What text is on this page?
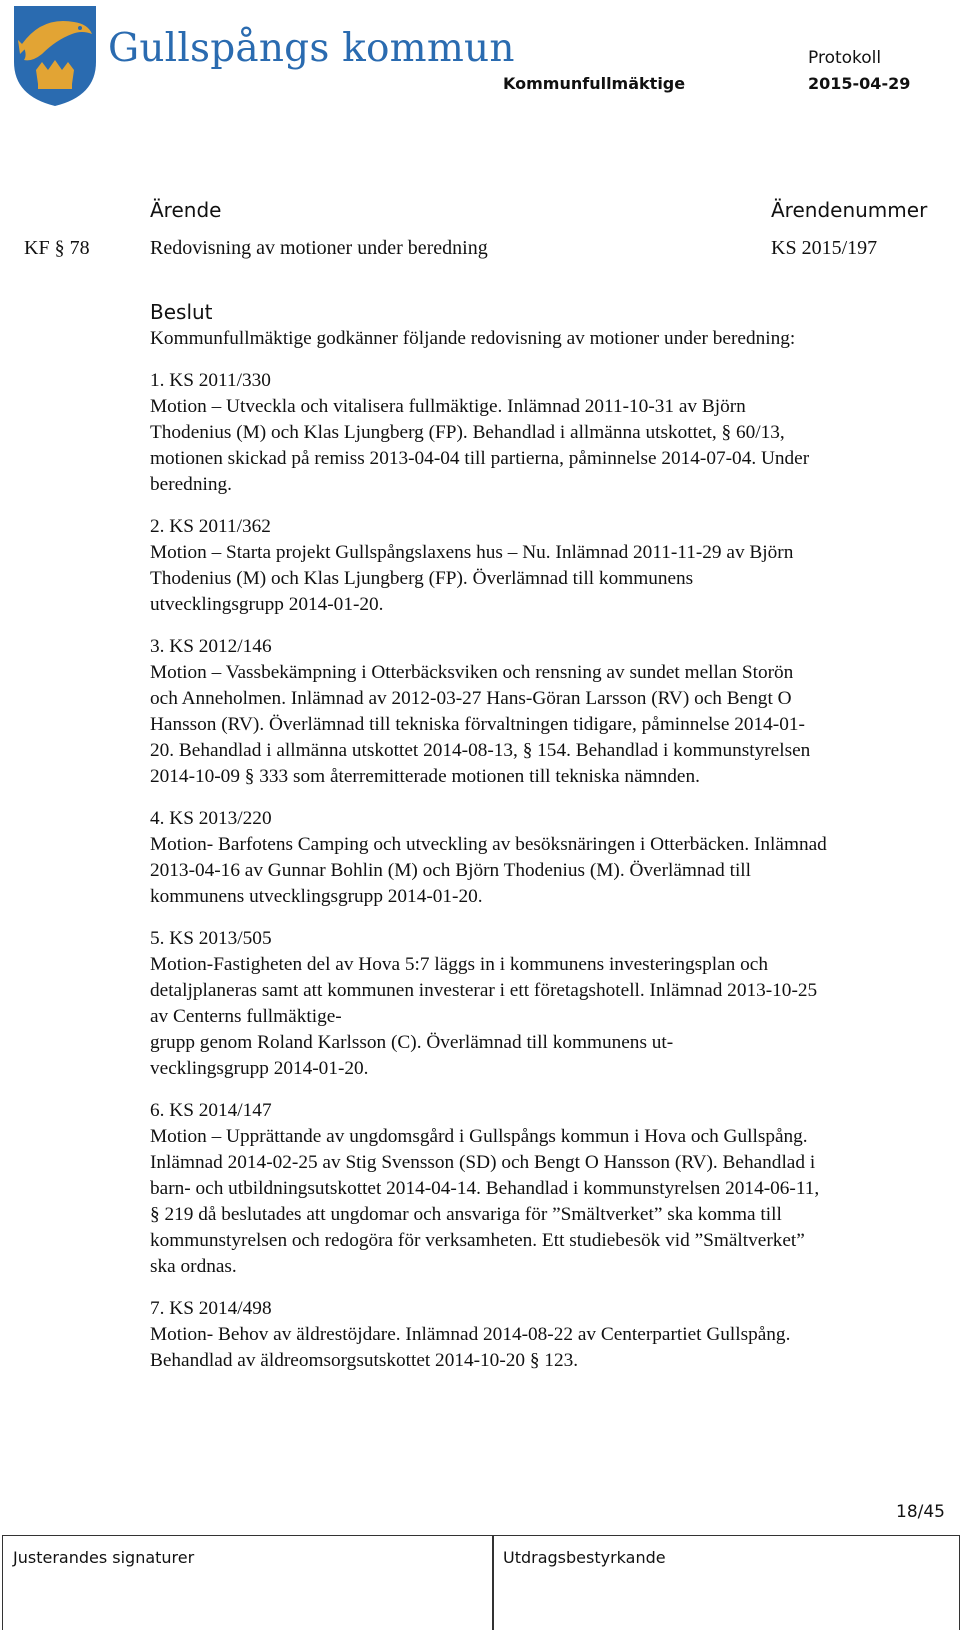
Gullspångs kommun	Protokoll
Kommunfullmäktige	2015-04-29
Ärende	Ärendenummer
KF § 78	Redovisning av motioner under beredning	KS 2015/197
Beslut

Kommunfullmäktige godkänner följande redovisning av motioner under beredning:

1. KS 2011/330

Motion – Utveckla och vitalisera fullmäktige. Inlämnad 2011-10-31 av Björn

Thodenius (M) och Klas Ljungberg (FP). Behandlad i allmänna utskottet, § 60/13,

motionen skickad på remiss 2013-04-04 till partierna, påminnelse 2014-07-04. Under

beredning.

2. KS 2011/362

Motion – Starta projekt Gullspångslaxens hus – Nu. Inlämnad 2011-11-29 av Björn

Thodenius (M) och Klas Ljungberg (FP). Överlämnad till kommunens

utvecklingsgrupp 2014-01-20.

3. KS 2012/146

Motion – Vassbekämpning i Otterbäcksviken och rensning av sundet mellan Storön

och Anneholmen. Inlämnad av 2012-03-27 Hans-Göran Larsson (RV) och Bengt O

Hansson (RV). Överlämnad till tekniska förvaltningen tidigare, påminnelse 2014-01-

20. Behandlad i allmänna utskottet 2014-08-13, § 154. Behandlad i kommunstyrelsen

2014-10-09 § 333 som återremitterade motionen till tekniska nämnden.

4. KS 2013/220

Motion- Barfotens Camping och utveckling av besöksnäringen i Otterbäcken. Inlämnad

2013-04-16 av Gunnar Bohlin (M) och Björn Thodenius (M). Överlämnad till

kommunens utvecklingsgrupp 2014-01-20.

5. KS 2013/505

Motion-Fastigheten del av Hova 5:7 läggs in i kommunens investeringsplan och

detaljplaneras samt att kommunen investerar i ett företagshotell. Inlämnad 2013-10-25

av Centerns fullmäktige-

grupp genom Roland Karlsson (C). Överlämnad till kommunens ut-

vecklingsgrupp 2014-01-20.

6. KS 2014/147

Motion – Upprättande av ungdomsgård i Gullspångs kommun i Hova och Gullspång.

Inlämnad 2014-02-25 av Stig Svensson (SD) och Bengt O Hansson (RV). Behandlad i

barn- och utbildningsutskottet 2014-04-14. Behandlad i kommunstyrelsen 2014-06-11,

§ 219 då beslutades att ungdomar och ansvariga för ”Smältverket” ska komma till

kommunstyrelsen och redogöra för verksamheten. Ett studiebesök vid ”Smältverket”

ska ordnas.

7. KS 2014/498

Motion- Behov av äldrestöjdare. Inlämnad 2014-08-22 av Centerpartiet Gullspång.

Behandlad av äldreomsorgsutskottet 2014-10-20 § 123.

18/45
Justerandes signaturer	Utdragsbestyrkande
